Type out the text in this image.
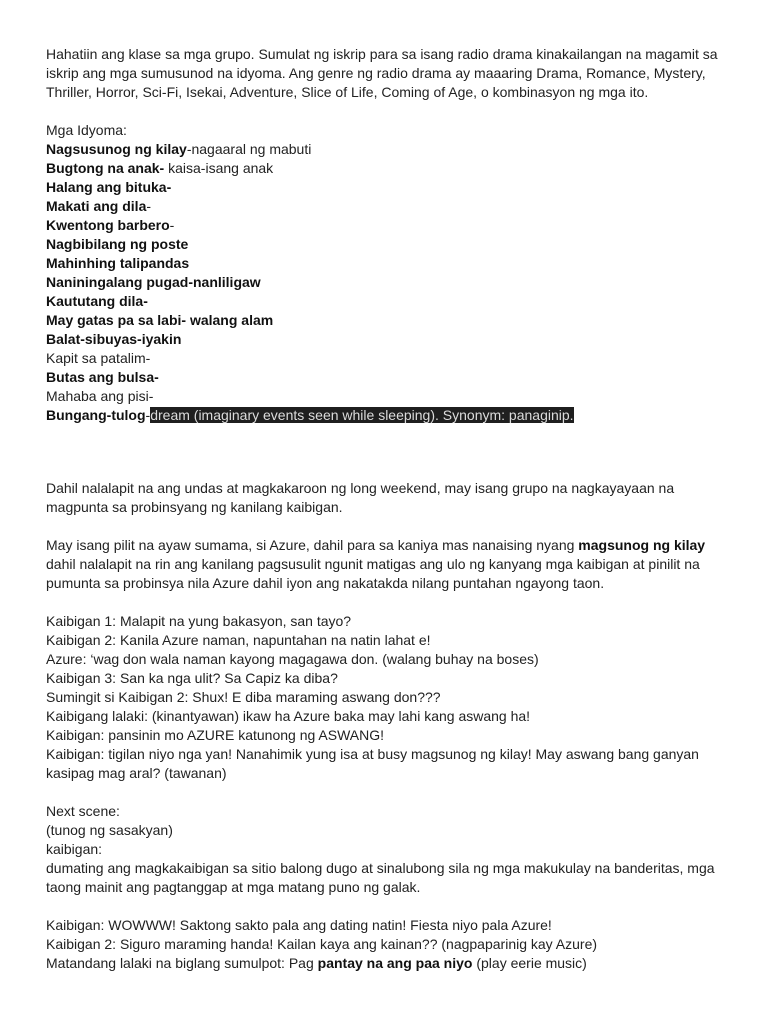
Hahatiin ang klase sa mga grupo. Sumulat ng iskrip para sa isang radio drama kinakailangan na magamit sa iskrip ang mga sumusunod na idyoma. Ang genre ng radio drama ay maaaring Drama, Romance, Mystery, Thriller, Horror, Sci-Fi, Isekai, Adventure, Slice of Life, Coming of Age, o kombinasyon ng mga ito.

Mga Idyoma:

Nagsusunog ng kilay-nagaaral ng mabuti

Bugtong na anak- kaisa-isang anak

Halang ang bituka-

Makati ang dila-

Kwentong barbero-

Nagbibilang ng poste

Mahinhing talipandas

Naniningalang pugad-nanliligaw

Kaututang dila-

May gatas pa sa labi- walang alam

Balat-sibuyas-iyakin

Kapit sa patalim-

Butas ang bulsa-

Mahaba ang pisi-

Bungang-tulog-dream (imaginary events seen while sleeping). Synonym: panaginip.

Dahil nalalapit na ang undas at magkakaroon ng long weekend, may isang grupo na nagkayayaan na magpunta sa probinsyang ng kanilang kaibigan.

May isang pilit na ayaw sumama, si Azure, dahil para sa kaniya mas nanaising nyang magsunog ng kilay dahil nalalapit na rin ang kanilang pagsusulit ngunit matigas ang ulo ng kanyang mga kaibigan at pinilit na pumunta sa probinsya nila Azure dahil iyon ang nakatakda nilang puntahan ngayong taon.

Kaibigan 1: Malapit na yung bakasyon, san tayo?

Kaibigan 2: Kanila Azure naman, napuntahan na natin lahat e!

Azure: ‘wag don wala naman kayong magagawa don. (walang buhay na boses)

Kaibigan 3: San ka nga ulit? Sa Capiz ka diba?

Sumingit si Kaibigan 2: Shux! E diba maraming aswang don???

Kaibigang lalaki: (kinantyawan) ikaw ha Azure baka may lahi kang aswang ha!

Kaibigan: pansinin mo AZURE katunong ng ASWANG!

Kaibigan: tigilan niyo nga yan! Nanahimik yung isa at busy magsunog ng kilay! May aswang bang ganyan kasipag mag aral? (tawanan)

Next scene:

(tunog ng sasakyan)

kaibigan:

dumating ang magkakaibigan sa sitio balong dugo at sinalubong sila ng mga makukulay na banderitas, mga taong mainit ang pagtanggap at mga matang puno ng galak.

Kaibigan: WOWWW! Saktong sakto pala ang dating natin! Fiesta niyo pala Azure!

Kaibigan 2: Siguro maraming handa! Kailan kaya ang kainan?? (nagpaparinig kay Azure)

Matandang lalaki na biglang sumulpot: Pag pantay na ang paa niyo (play eerie music)
